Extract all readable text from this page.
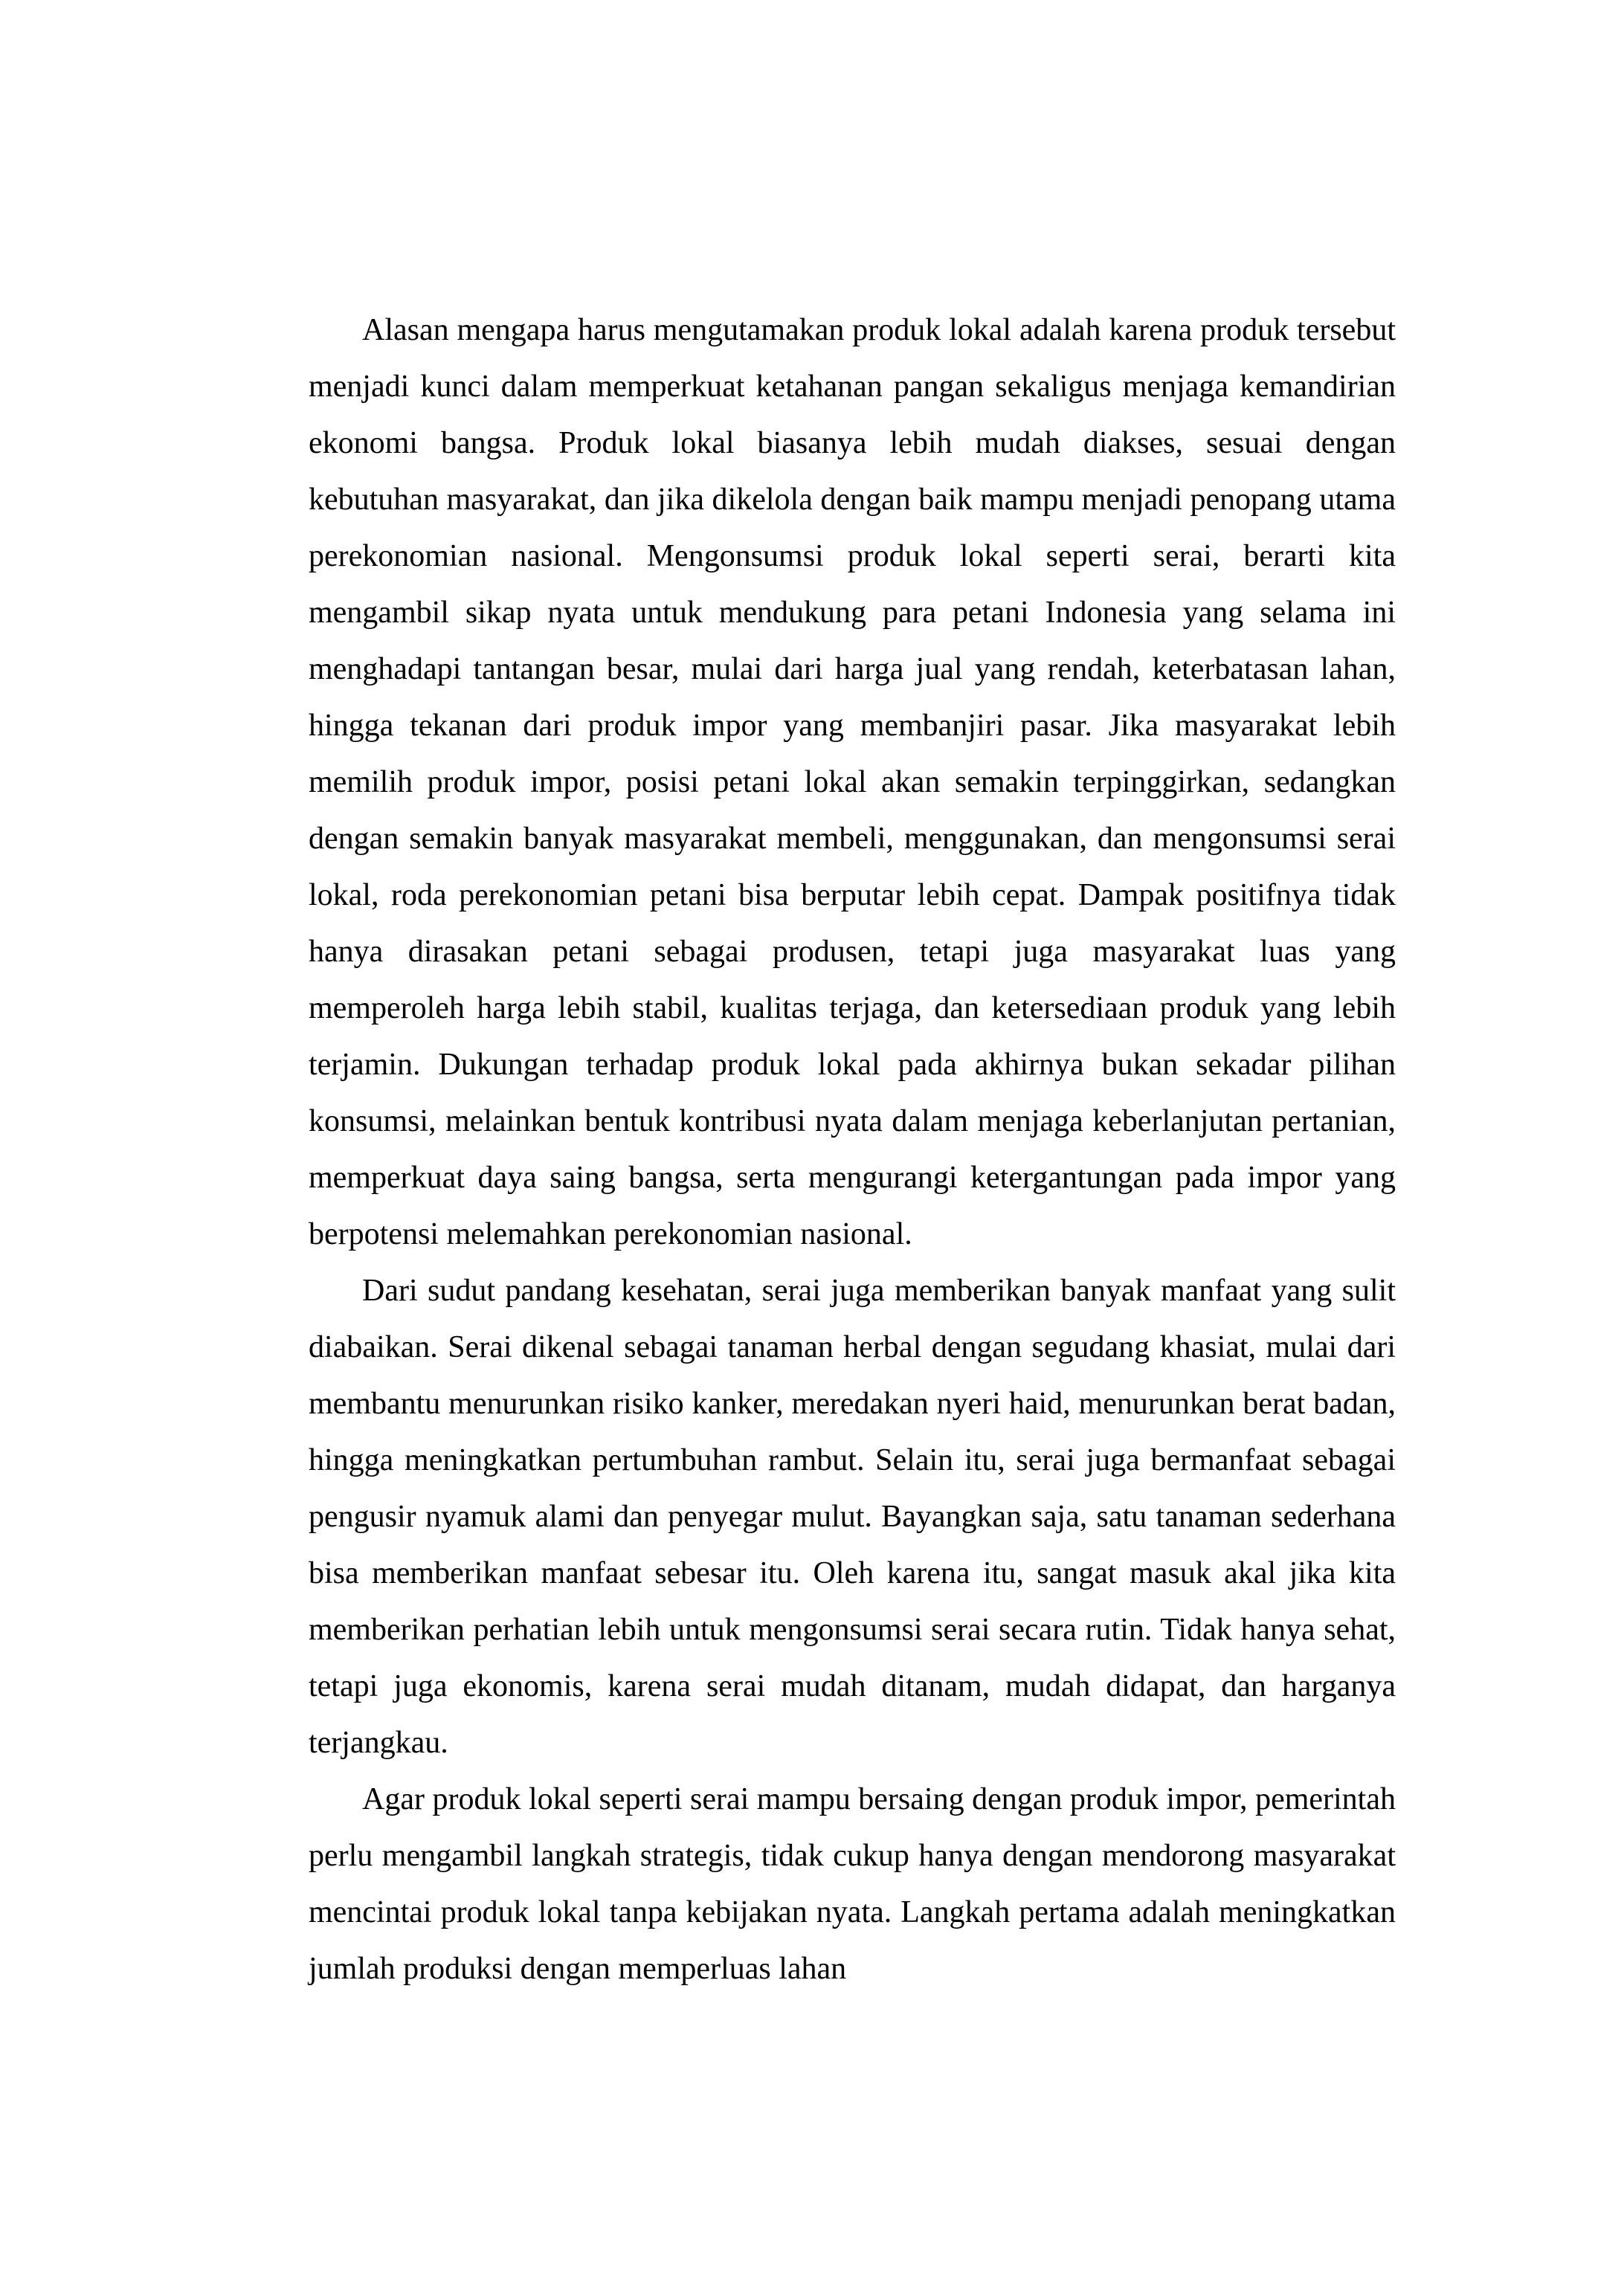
Alasan mengapa harus mengutamakan produk lokal adalah karena produk tersebut menjadi kunci dalam memperkuat ketahanan pangan sekaligus menjaga kemandirian ekonomi bangsa. Produk lokal biasanya lebih mudah diakses, sesuai dengan kebutuhan masyarakat, dan jika dikelola dengan baik mampu menjadi penopang utama perekonomian nasional. Mengonsumsi produk lokal seperti serai, berarti kita mengambil sikap nyata untuk mendukung para petani Indonesia yang selama ini menghadapi tantangan besar, mulai dari harga jual yang rendah, keterbatasan lahan, hingga tekanan dari produk impor yang membanjiri pasar. Jika masyarakat lebih memilih produk impor, posisi petani lokal akan semakin terpinggirkan, sedangkan dengan semakin banyak masyarakat membeli, menggunakan, dan mengonsumsi serai lokal, roda perekonomian petani bisa berputar lebih cepat. Dampak positifnya tidak hanya dirasakan petani sebagai produsen, tetapi juga masyarakat luas yang memperoleh harga lebih stabil, kualitas terjaga, dan ketersediaan produk yang lebih terjamin. Dukungan terhadap produk lokal pada akhirnya bukan sekadar pilihan konsumsi, melainkan bentuk kontribusi nyata dalam menjaga keberlanjutan pertanian, memperkuat daya saing bangsa, serta mengurangi ketergantungan pada impor yang berpotensi melemahkan perekonomian nasional.

Dari sudut pandang kesehatan, serai juga memberikan banyak manfaat yang sulit diabaikan. Serai dikenal sebagai tanaman herbal dengan segudang khasiat, mulai dari membantu menurunkan risiko kanker, meredakan nyeri haid, menurunkan berat badan, hingga meningkatkan pertumbuhan rambut. Selain itu, serai juga bermanfaat sebagai pengusir nyamuk alami dan penyegar mulut. Bayangkan saja, satu tanaman sederhana bisa memberikan manfaat sebesar itu. Oleh karena itu, sangat masuk akal jika kita memberikan perhatian lebih untuk mengonsumsi serai secara rutin. Tidak hanya sehat, tetapi juga ekonomis, karena serai mudah ditanam, mudah didapat, dan harganya terjangkau.

Agar produk lokal seperti serai mampu bersaing dengan produk impor, pemerintah perlu mengambil langkah strategis, tidak cukup hanya dengan mendorong masyarakat mencintai produk lokal tanpa kebijakan nyata. Langkah pertama adalah meningkatkan jumlah produksi dengan memperluas lahan
